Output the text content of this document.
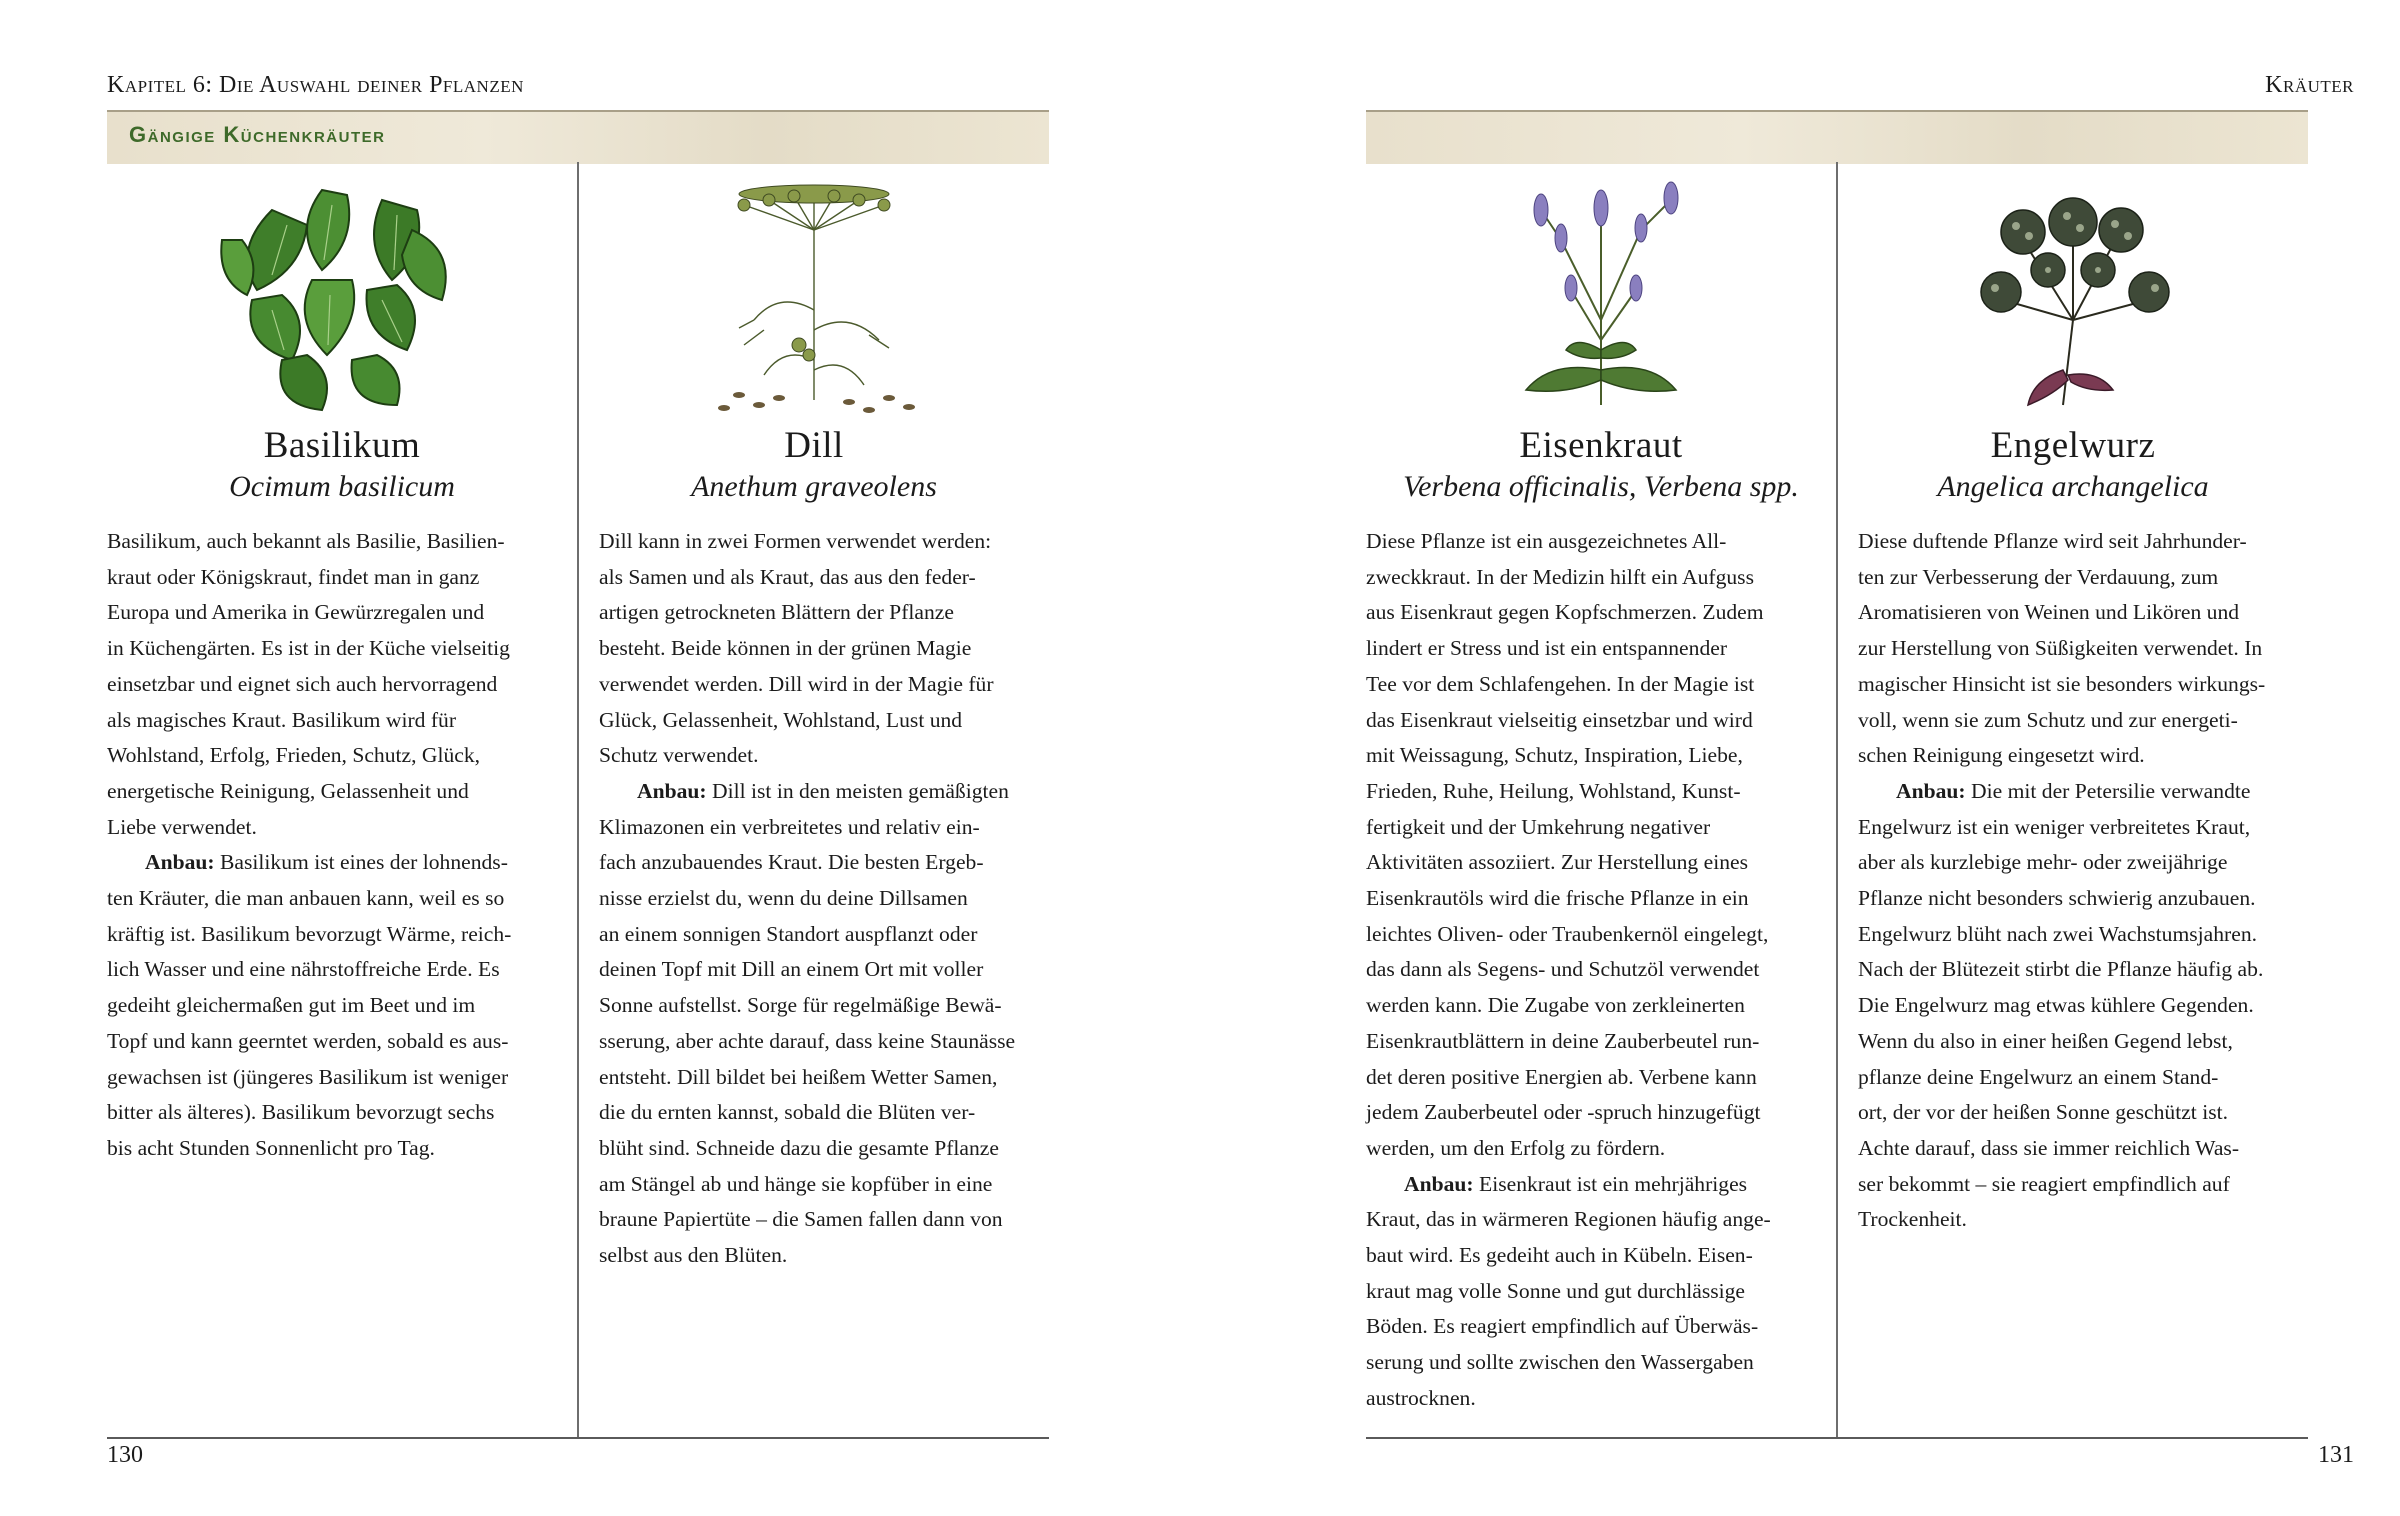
Kapitel 6: Die Auswahl deiner Pflanzen
Gängige Küchenkräuter
Basilikum
Ocimum basilicum

Basilikum, auch bekannt als Basilie, Basilien-
kraut oder Königskraut, findet man in ganz
Europa und Amerika in Gewürzregalen und
in Küchengärten. Es ist in der Küche vielseitig
einsetzbar und eignet sich auch hervorragend
als magisches Kraut. Basilikum wird für
Wohlstand, Erfolg, Frieden, Schutz, Glück,
energetische Reinigung, Gelassenheit und
Liebe verwendet.

Anbau: Basilikum ist eines der lohnends-
ten Kräuter, die man anbauen kann, weil es so
kräftig ist. Basilikum bevorzugt Wärme, reich-
lich Wasser und eine nährstoffreiche Erde. Es
gedeiht gleichermaßen gut im Beet und im
Topf und kann geerntet werden, sobald es aus-
gewachsen ist (jüngeres Basilikum ist weniger
bitter als älteres). Basilikum bevorzugt sechs
bis acht Stunden Sonnenlicht pro Tag.

Dill
Anethum graveolens

Dill kann in zwei Formen verwendet werden:
als Samen und als Kraut, das aus den feder-
artigen getrockneten Blättern der Pflanze
besteht. Beide können in der grünen Magie
verwendet werden. Dill wird in der Magie für
Glück, Gelassenheit, Wohlstand, Lust und
Schutz verwendet.

Anbau: Dill ist in den meisten gemäßigten
Klimazonen ein verbreitetes und relativ ein-
fach anzubauendes Kraut. Die besten Ergeb-
nisse erzielst du, wenn du deine Dillsamen
an einem sonnigen Standort auspflanzt oder
deinen Topf mit Dill an einem Ort mit voller
Sonne aufstellst. Sorge für regelmäßige Bewä-
sserung, aber achte darauf, dass keine Staunässe
entsteht. Dill bildet bei heißem Wetter Samen,
die du ernten kannst, sobald die Blüten ver-
blüht sind. Schneide dazu die gesamte Pflanze
am Stängel ab und hänge sie kopfüber in eine
braune Papiertüte – die Samen fallen dann von
selbst aus den Blüten.

130
Kräuter
Eisenkraut
Verbena officinalis, Verbena spp.

Diese Pflanze ist ein ausgezeichnetes All-
zweckkraut. In der Medizin hilft ein Aufguss
aus Eisenkraut gegen Kopfschmerzen. Zudem
lindert er Stress und ist ein entspannender
Tee vor dem Schlafengehen. In der Magie ist
das Eisenkraut vielseitig einsetzbar und wird
mit Weissagung, Schutz, Inspiration, Liebe,
Frieden, Ruhe, Heilung, Wohlstand, Kunst-
fertigkeit und der Umkehrung negativer
Aktivitäten assoziiert. Zur Herstellung eines
Eisenkrautöls wird die frische Pflanze in ein
leichtes Oliven- oder Traubenkernöl eingelegt,
das dann als Segens- und Schutzöl verwendet
werden kann. Die Zugabe von zerkleinerten
Eisenkrautblättern in deine Zauberbeutel run-
det deren positive Energien ab. Verbene kann
jedem Zauberbeutel oder -spruch hinzugefügt
werden, um den Erfolg zu fördern.

Anbau: Eisenkraut ist ein mehrjähriges
Kraut, das in wärmeren Regionen häufig ange-
baut wird. Es gedeiht auch in Kübeln. Eisen-
kraut mag volle Sonne und gut durchlässige
Böden. Es reagiert empfindlich auf Überwäs-
serung und sollte zwischen den Wassergaben
austrocknen.

Engelwurz
Angelica archangelica

Diese duftende Pflanze wird seit Jahrhunder-
ten zur Verbesserung der Verdauung, zum
Aromatisieren von Weinen und Likören und
zur Herstellung von Süßigkeiten verwendet. In
magischer Hinsicht ist sie besonders wirkungs-
voll, wenn sie zum Schutz und zur energeti-
schen Reinigung eingesetzt wird.

Anbau: Die mit der Petersilie verwandte
Engelwurz ist ein weniger verbreitetes Kraut,
aber als kurzlebige mehr- oder zweijährige
Pflanze nicht besonders schwierig anzubauen.
Engelwurz blüht nach zwei Wachstumsjahren.
Nach der Blütezeit stirbt die Pflanze häufig ab.
Die Engelwurz mag etwas kühlere Gegenden.
Wenn du also in einer heißen Gegend lebst,
pflanze deine Engelwurz an einem Stand-
ort, der vor der heißen Sonne geschützt ist.
Achte darauf, dass sie immer reichlich Was-
ser bekommt – sie reagiert empfindlich auf
Trockenheit.

131
